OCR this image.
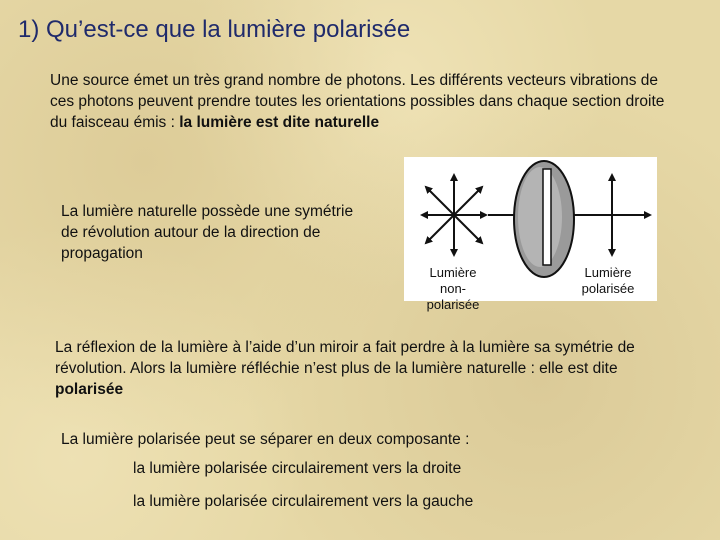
1) Qu’est-ce que la lumière polarisée

Une source émet un très grand nombre de photons. Les différents vecteurs vibrations de ces photons peuvent prendre toutes les orientations possibles dans chaque section droite du faisceau émis : la lumière est dite naturelle

La lumière naturelle possède une symétrie de révolution autour de la direction de propagation

Lumière
non-polarisée
Lumière
polarisée

La réflexion de la lumière à l’aide d’un miroir a fait perdre à la lumière sa symétrie de révolution. Alors la lumière réfléchie n’est plus de la lumière naturelle : elle est dite polarisée

La lumière polarisée peut se séparer en deux composante :

la lumière polarisée circulairement vers la droite
la lumière polarisée circulairement vers la gauche
